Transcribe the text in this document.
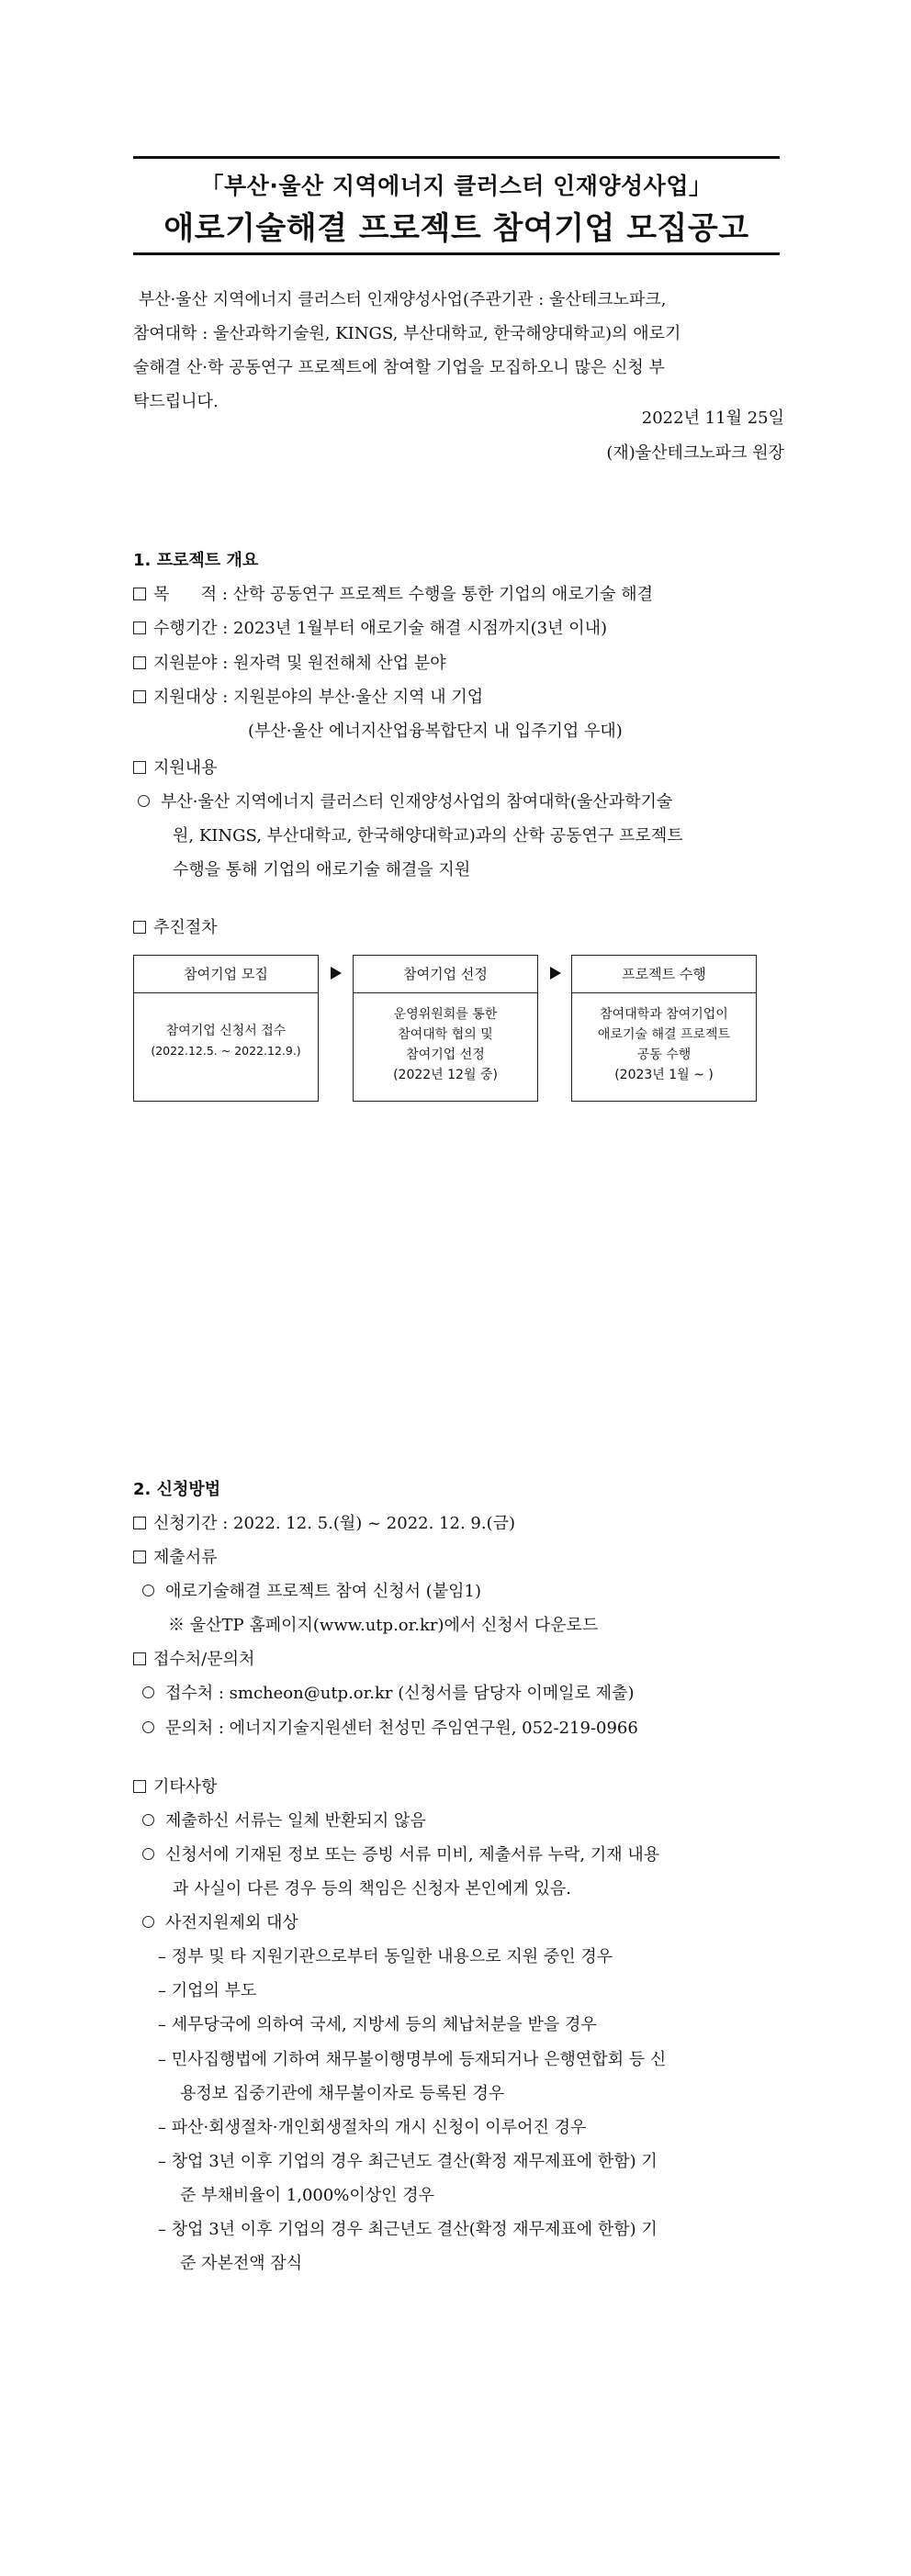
「부산·울산 지역에너지 클러스터 인재양성사업」
애로기술해결 프로젝트 참여기업 모집공고
부산·울산 지역에너지 클러스터 인재양성사업(주관기관 : 울산테크노파크,
참여대학 : 울산과학기술원, KINGS, 부산대학교, 한국해양대학교)의 애로기
술해결 산·학 공동연구 프로젝트에 참여할 기업을 모집하오니 많은 신청 부
탁드립니다.
2022년 11월 25일
(재)울산테크노파크 원장
1. 프로젝트 개요
목      적 : 산학 공동연구 프로젝트 수행을 통한 기업의 애로기술 해결
수행기간 : 2023년 1월부터 애로기술 해결 시점까지(3년 이내)
지원분야 : 원자력 및 원전해체 산업 분야
지원대상 : 지원분야의 부산·울산 지역 내 기업
(부산·울산 에너지산업융복합단지 내 입주기업 우대)
지원내용
부산·울산 지역에너지 클러스터 인재양성사업의 참여대학(울산과학기술
원, KINGS, 부산대학교, 한국해양대학교)과의 산학 공동연구 프로젝트
수행을 통해 기업의 애로기술 해결을 지원
추진절차
참여기업 모집
참여기업 신청서 접수
(2022.12.5. ~ 2022.12.9.)
참여기업 선정
운영위원회를 통한
참여대학 협의 및
참여기업 선정
(2022년 12월 중)
프로젝트 수행
참여대학과 참여기업이
애로기술 해결 프로젝트
공동 수행
(2023년 1월 ~ )
2. 신청방법
신청기간 : 2022. 12. 5.(월) ~ 2022. 12. 9.(금)
제출서류
애로기술해결 프로젝트 참여 신청서 (붙임1)
※ 울산TP 홈페이지(www.utp.or.kr)에서 신청서 다운로드
접수처/문의처
접수처 : smcheon@utp.or.kr (신청서를 담당자 이메일로 제출)
문의처 : 에너지기술지원센터 천성민 주임연구원, 052-219-0966
기타사항
제출하신 서류는 일체 반환되지 않음
신청서에 기재된 정보 또는 증빙 서류 미비, 제출서류 누락, 기재 내용
과 사실이 다른 경우 등의 책임은 신청자 본인에게 있음.
사전지원제외 대상
– 정부 및 타 지원기관으로부터 동일한 내용으로 지원 중인 경우
– 기업의 부도
– 세무당국에 의하여 국세, 지방세 등의 체납처분을 받을 경우
– 민사집행법에 기하여 채무불이행명부에 등재되거나 은행연합회 등 신
용정보 집중기관에 채무불이자로 등록된 경우
– 파산·회생절차·개인회생절차의 개시 신청이 이루어진 경우
– 창업 3년 이후 기업의 경우 최근년도 결산(확정 재무제표에 한함) 기
준 부채비율이 1,000%이상인 경우
– 창업 3년 이후 기업의 경우 최근년도 결산(확정 재무제표에 한함) 기
준 자본전액 잠식
